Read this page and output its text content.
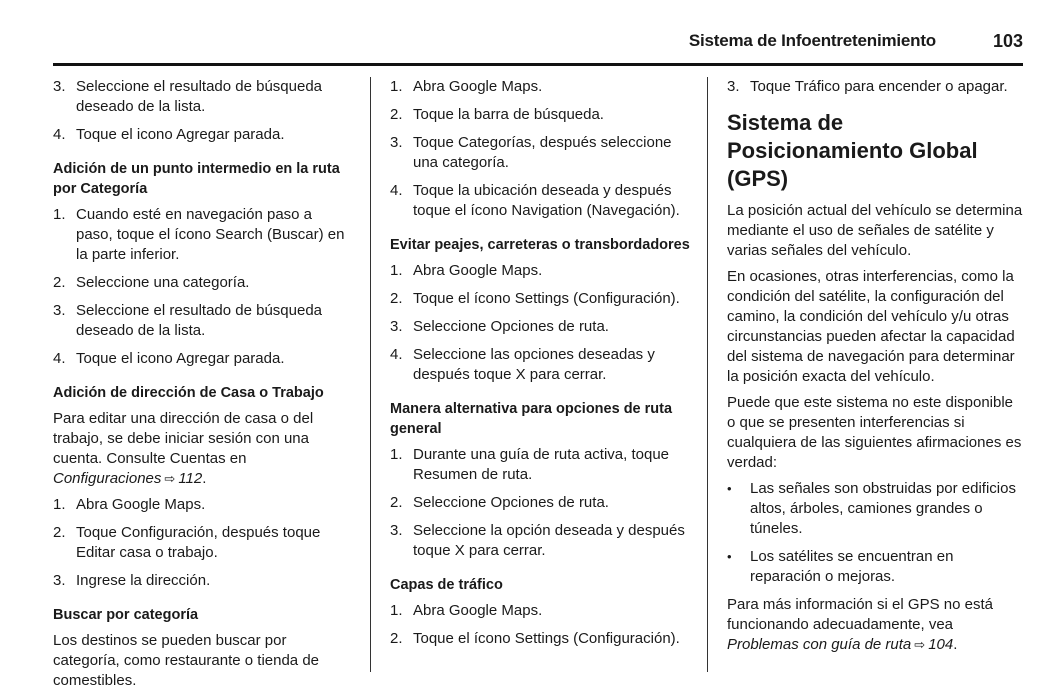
Sistema de Infoentretenimiento	103
3. Seleccione el resultado de búsqueda deseado de la lista.
4. Toque el icono Agregar parada.
Adición de un punto intermedio en la ruta por Categoría
1. Cuando esté en navegación paso a paso, toque el ícono Search (Buscar) en la parte inferior.
2. Seleccione una categoría.
3. Seleccione el resultado de búsqueda deseado de la lista.
4. Toque el icono Agregar parada.
Adición de dirección de Casa o Trabajo
Para editar una dirección de casa o del trabajo, se debe iniciar sesión con una cuenta. Consulte Cuentas en Configuraciones ⇨ 112.
1. Abra Google Maps.
2. Toque Configuración, después toque Editar casa o trabajo.
3. Ingrese la dirección.
Buscar por categoría
Los destinos se pueden buscar por categoría, como restaurante o tienda de comestibles.
1. Abra Google Maps.
2. Toque la barra de búsqueda.
3. Toque Categorías, después seleccione una categoría.
4. Toque la ubicación deseada y después toque el ícono Navigation (Navegación).
Evitar peajes, carreteras o transbordadores
1. Abra Google Maps.
2. Toque el ícono Settings (Configuración).
3. Seleccione Opciones de ruta.
4. Seleccione las opciones deseadas y después toque X para cerrar.
Manera alternativa para opciones de ruta general
1. Durante una guía de ruta activa, toque Resumen de ruta.
2. Seleccione Opciones de ruta.
3. Seleccione la opción deseada y después toque X para cerrar.
Capas de tráfico
1. Abra Google Maps.
2. Toque el ícono Settings (Configuración).
3. Toque Tráfico para encender o apagar.
Sistema de Posicionamiento Global (GPS)
La posición actual del vehículo se determina mediante el uso de señales de satélite y varias señales del vehículo.
En ocasiones, otras interferencias, como la condición del satélite, la configuración del camino, la condición del vehículo y/u otras circunstancias pueden afectar la capacidad del sistema de navegación para determinar la posición exacta del vehículo.
Puede que este sistema no este disponible o que se presenten interferencias si cualquiera de las siguientes afirmaciones es verdad:
•	Las señales son obstruidas por edificios altos, árboles, camiones grandes o túneles.
•	Los satélites se encuentran en reparación o mejoras.
Para más información si el GPS no está funcionando adecuadamente, vea Problemas con guía de ruta ⇨ 104.
